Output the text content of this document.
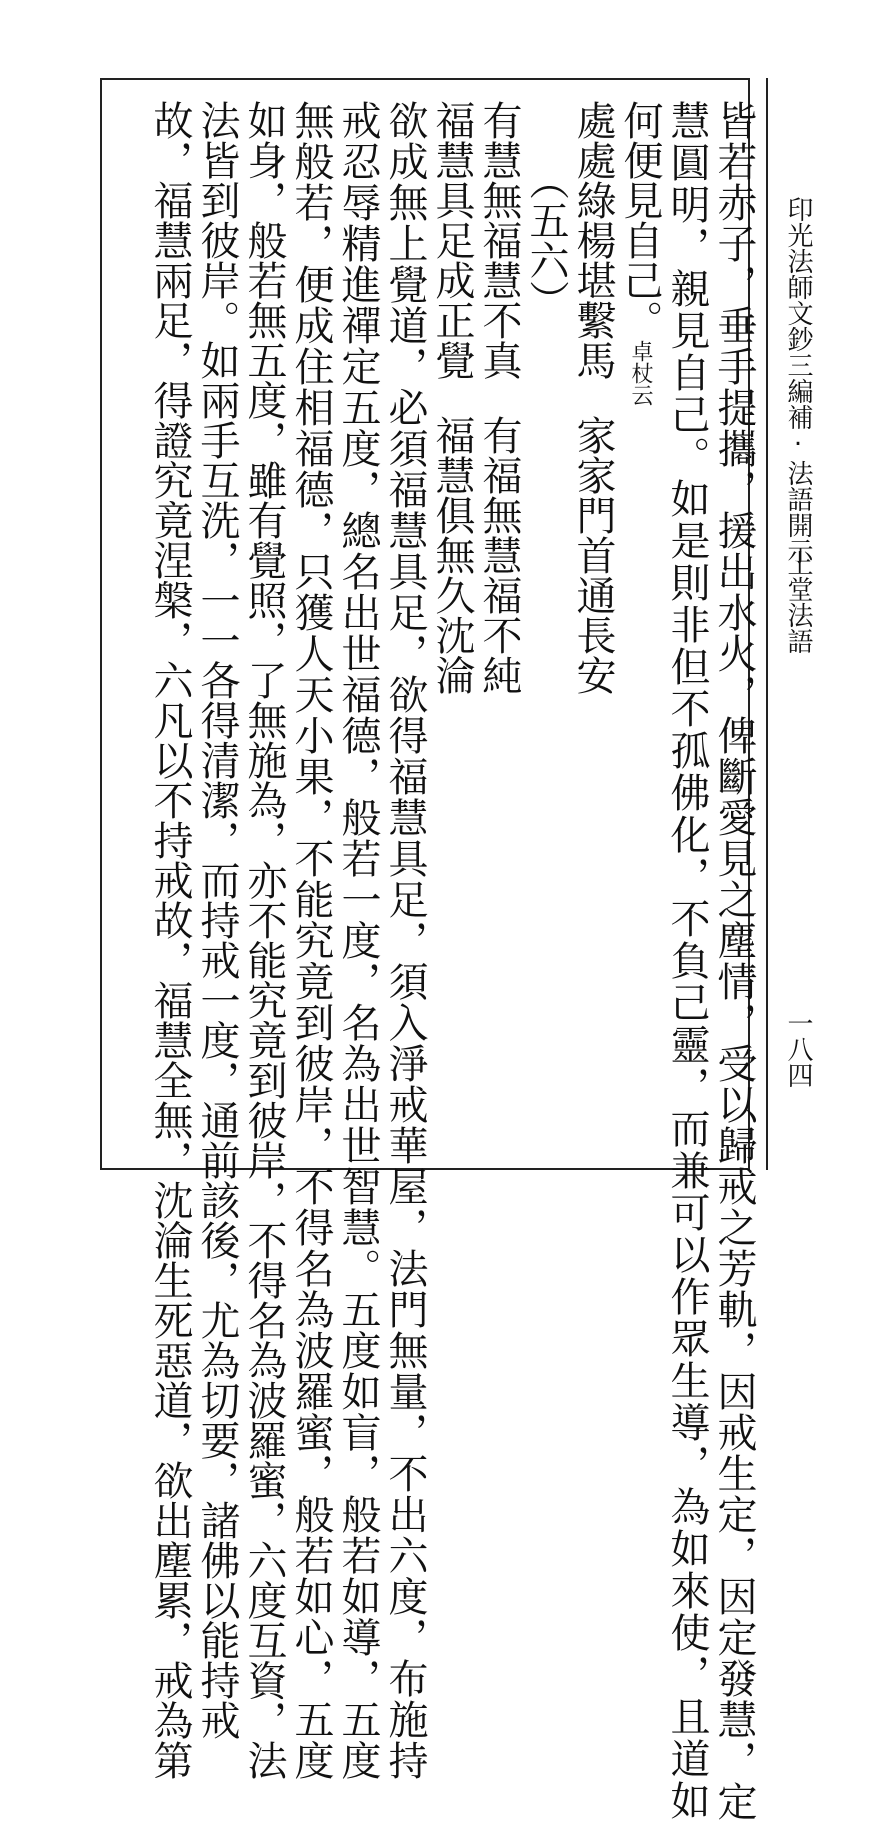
印光法師文鈔三編補‧法語開示
上堂法語
一八四
皆若赤子，垂手提攜，援出水火，俾斷愛見之塵情，受以歸戒之芳軌，因戒生定，因定發慧，定
慧圓明，親見自己。如是則非但不孤佛化，不負己靈，而兼可以作眾生導，為如來使，且道如
何便見自己。卓杖云
處處綠楊堪繫馬
家家門首通長安
（五六）
有慧無福慧不真
有福無慧福不純
福慧具足成正覺
福慧俱無久沈淪
欲成無上覺道，必須福慧具足，欲得福慧具足，須入淨戒華屋，法門無量，不出六度，布施持
戒忍辱精進禪定五度，總名出世福德，般若一度，名為出世智慧。五度如盲，般若如導，五度
無般若，便成住相福德，只獲人天小果，不能究竟到彼岸，不得名為波羅蜜，般若如心，五度
如身，般若無五度，雖有覺照，了無施為，亦不能究竟到彼岸，不得名為波羅蜜，六度互資，法
法皆到彼岸。如兩手互洗，一一各得清潔，而持戒一度，通前該後，尤為切要，諸佛以能持戒
故，福慧兩足，得證究竟涅槃，六凡以不持戒故，福慧全無，沈淪生死惡道，欲出塵累，戒為第
